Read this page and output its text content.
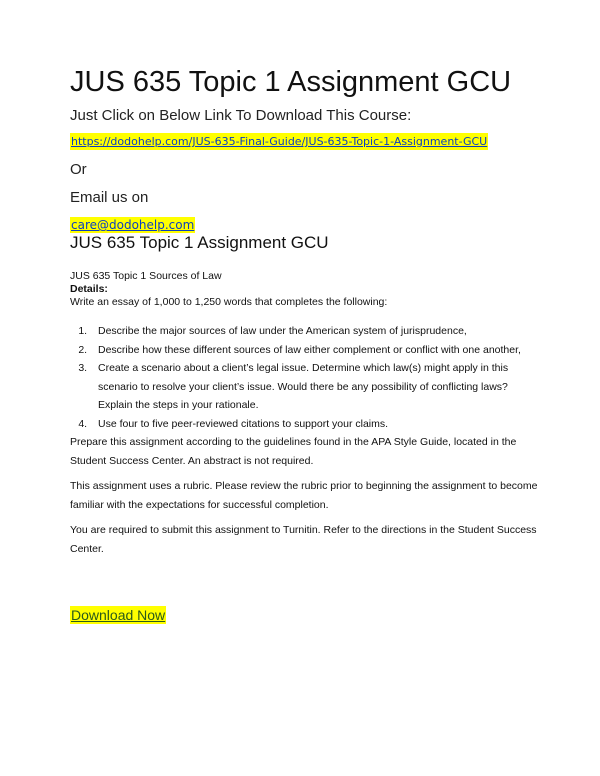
JUS 635 Topic 1 Assignment GCU
Just Click on Below Link To Download This Course:
https://dodohelp.com/JUS-635-Final-Guide/JUS-635-Topic-1-Assignment-GCU
Or
Email us on
care@dodohelp.com
JUS 635 Topic 1 Assignment GCU

JUS 635 Topic 1 Sources of Law

Details:

Write an essay of 1,000 to 1,250 words that completes the following:

1. Describe the major sources of law under the American system of jurisprudence,
2. Describe how these different sources of law either complement or conflict with one another,
3. Create a scenario about a client’s legal issue. Determine which law(s) might apply in this scenario to resolve your client’s issue. Would there be any possibility of conflicting laws? Explain the steps in your rationale.
4. Use four to five peer-reviewed citations to support your claims.

Prepare this assignment according to the guidelines found in the APA Style Guide, located in the Student Success Center. An abstract is not required.

This assignment uses a rubric. Please review the rubric prior to beginning the assignment to become familiar with the expectations for successful completion.

You are required to submit this assignment to Turnitin. Refer to the directions in the Student Success Center.

Download Now
